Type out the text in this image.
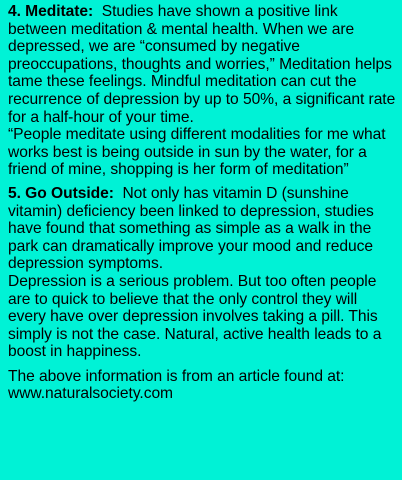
4. Meditate: Studies have shown a positive link between meditation & mental health. When we are depressed, we are “consumed by negative preoccupations, thoughts and worries,” Meditation helps tame these feelings. Mindful meditation can cut the recurrence of depression by up to 50%, a significant rate for a half-hour of your time.

“People meditate using different modalities for me what works best is being outside in sun by the water, for a friend of mine, shopping is her form of meditation”

5. Go Outside: Not only has vitamin D (sunshine vitamin) deficiency been linked to depression, studies have found that something as simple as a walk in the park can dramatically improve your mood and reduce depression symptoms.

Depression is a serious problem. But too often people are to quick to believe that the only control they will every have over depression involves taking a pill. This simply is not the case. Natural, active health leads to a boost in happiness.

The above information is from an article found at:

www.naturalsociety.com
